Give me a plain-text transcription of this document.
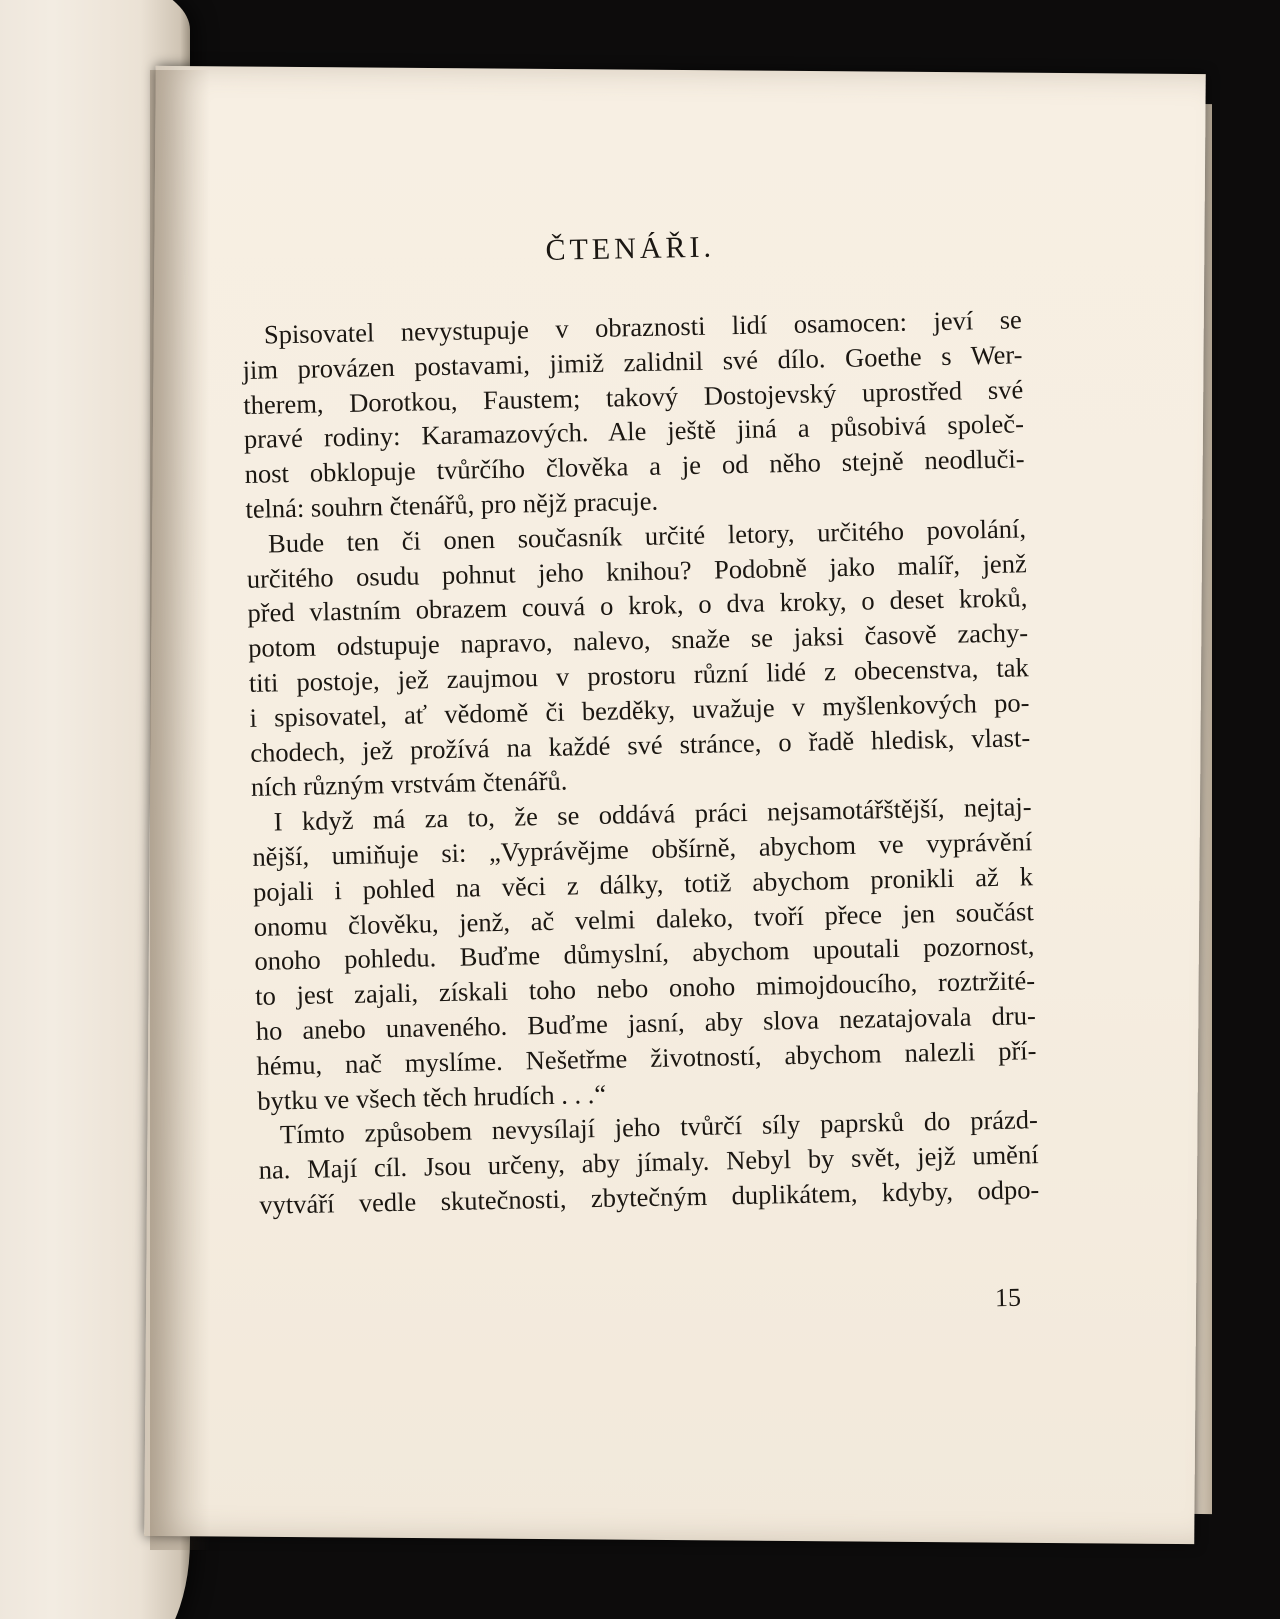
ČTENÁŘI.

Spisovatel nevystupuje v obraznosti lidí osamocen: jeví se
jim provázen postavami, jimiž zalidnil své dílo. Goethe s Wer-
therem, Dorotkou, Faustem; takový Dostojevský uprostřed své
pravé rodiny: Karamazových. Ale ještě jiná a působivá společ-
nost obklopuje tvůrčího člověka a je od něho stejně neodluči-
telná: souhrn čtenářů, pro nějž pracuje.

Bude ten či onen současník určité letory, určitého povolání,
určitého osudu pohnut jeho knihou? Podobně jako malíř, jenž
před vlastním obrazem couvá o krok, o dva kroky, o deset kroků,
potom odstupuje napravo, nalevo, snaže se jaksi časově zachy-
titi postoje, jež zaujmou v prostoru různí lidé z obecenstva, tak
i spisovatel, ať vědomě či bezděky, uvažuje v myšlenkových po-
chodech, jež prožívá na každé své stránce, o řadě hledisk, vlast-
ních různým vrstvám čtenářů.

I když má za to, že se oddává práci nejsamotářštější, nejtaj-
nější, umiňuje si: „Vyprávějme obšírně, abychom ve vyprávění
pojali i pohled na věci z dálky, totiž abychom pronikli až k
onomu člověku, jenž, ač velmi daleko, tvoří přece jen součást
onoho pohledu. Buďme důmyslní, abychom upoutali pozornost,
to jest zajali, získali toho nebo onoho mimojdoucího, roztržité-
ho anebo unaveného. Buďme jasní, aby slova nezatajovala dru-
hému, nač myslíme. Nešetřme životností, abychom nalezli pří-
bytku ve všech těch hrudích . . .“

Tímto způsobem nevysílají jeho tvůrčí síly paprsků do prázd-
na. Mají cíl. Jsou určeny, aby jímaly. Nebyl by svět, jejž umění
vytváří vedle skutečnosti, zbytečným duplikátem, kdyby, odpo-

15
